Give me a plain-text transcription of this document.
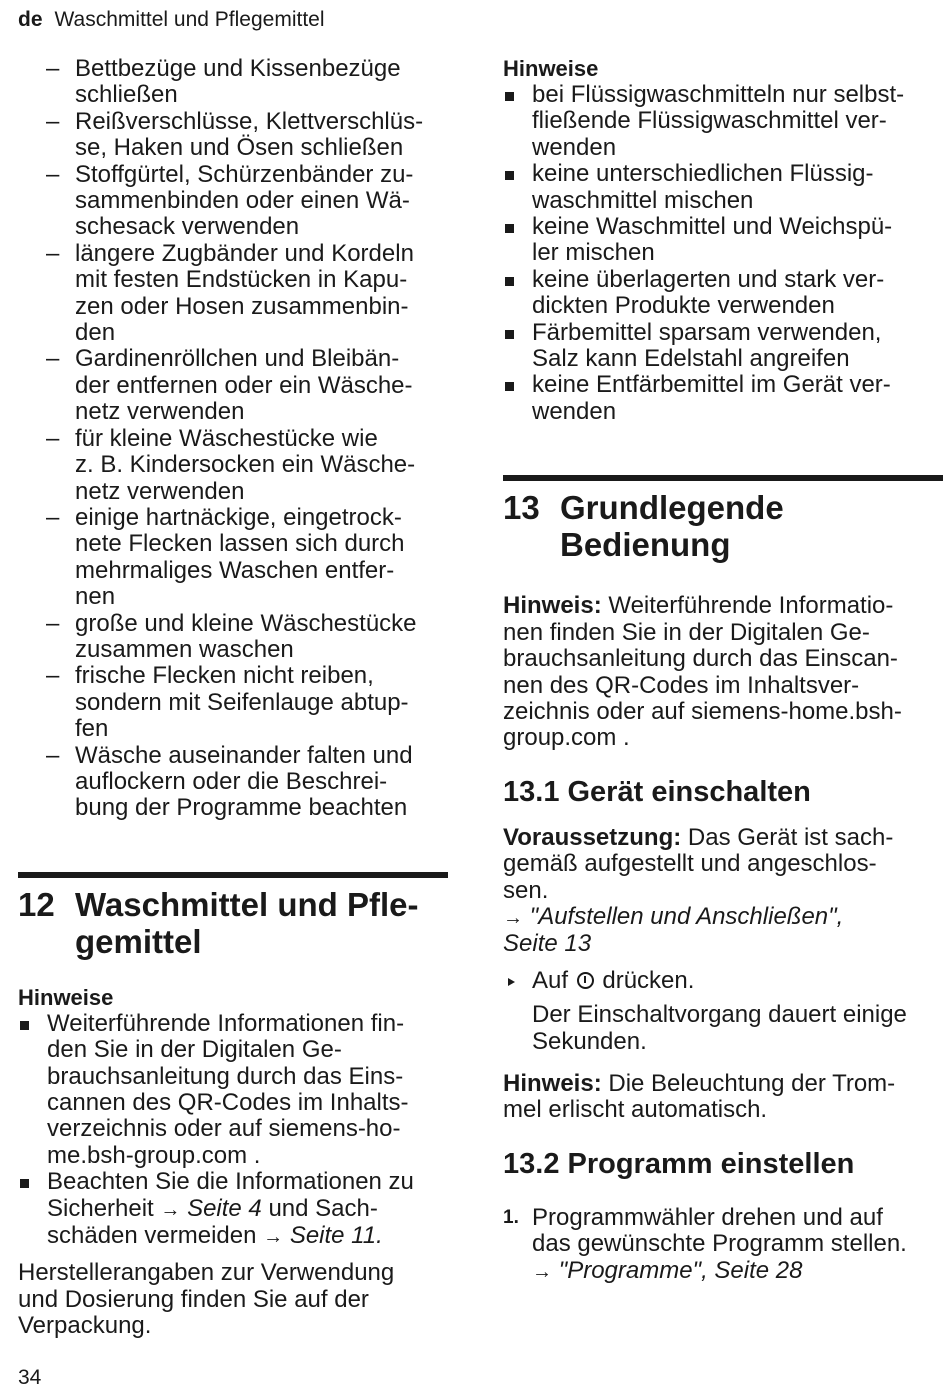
de Waschmittel und Pflegemittel
– Bettbezüge und Kissenbezüge
schließen
– Reißverschlüsse, Klettverschlüs-
se, Haken und Ösen schließen
– Stoffgürtel, Schürzenbänder zu-
sammenbinden oder einen Wä-
schesack verwenden
– längere Zugbänder und Kordeln
mit festen Endstücken in Kapu-
zen oder Hosen zusammenbin-
den
– Gardinenröllchen und Bleibän-
der entfernen oder ein Wäsche-
netz verwenden
– für kleine Wäschestücke wie
z. B. Kindersocken ein Wäsche-
netz verwenden
– einige hartnäckige, eingetrock-
nete Flecken lassen sich durch
mehrmaliges Waschen entfer-
nen
– große und kleine Wäschestücke
zusammen waschen
– frische Flecken nicht reiben,
sondern mit Seifenlauge abtup-
fen
– Wäsche auseinander falten und
auflockern oder die Beschrei-
bung der Programme beachten
12 Waschmittel und Pfle-
gemittel
Hinweise
Weiterführende Informationen fin-
den Sie in der Digitalen Ge-
brauchsanleitung durch das Eins-
cannen des QR-Codes im Inhalts-
verzeichnis oder auf siemens-ho-
me.bsh-group.com .
Beachten Sie die Informationen zu
Sicherheit → Seite 4 und Sach-
schäden vermeiden → Seite 11.
Herstellerangaben zur Verwendung
und Dosierung finden Sie auf der
Verpackung.
34
Hinweise
bei Flüssigwaschmitteln nur selbst-
fließende Flüssigwaschmittel ver-
wenden
keine unterschiedlichen Flüssig-
waschmittel mischen
keine Waschmittel und Weichspü-
ler mischen
keine überlagerten und stark ver-
dickten Produkte verwenden
Färbemittel sparsam verwenden,
Salz kann Edelstahl angreifen
keine Entfärbemittel im Gerät ver-
wenden
13 Grundlegende
Bedienung
Hinweis: Weiterführende Informatio-
nen finden Sie in der Digitalen Ge-
brauchsanleitung durch das Einscan-
nen des QR-Codes im Inhaltsver-
zeichnis oder auf siemens-home.bsh-
group.com .
13.1 Gerät einschalten
Voraussetzung: Das Gerät ist sach-
gemäß aufgestellt und angeschlos-
sen.
→ "Aufstellen und Anschließen",
Seite 13
Auf  drücken.
Der Einschaltvorgang dauert einige
Sekunden.
Hinweis: Die Beleuchtung der Trom-
mel erlischt automatisch.
13.2 Programm einstellen
1. Programmwähler drehen und auf
das gewünschte Programm stellen.
→ "Programme", Seite 28
